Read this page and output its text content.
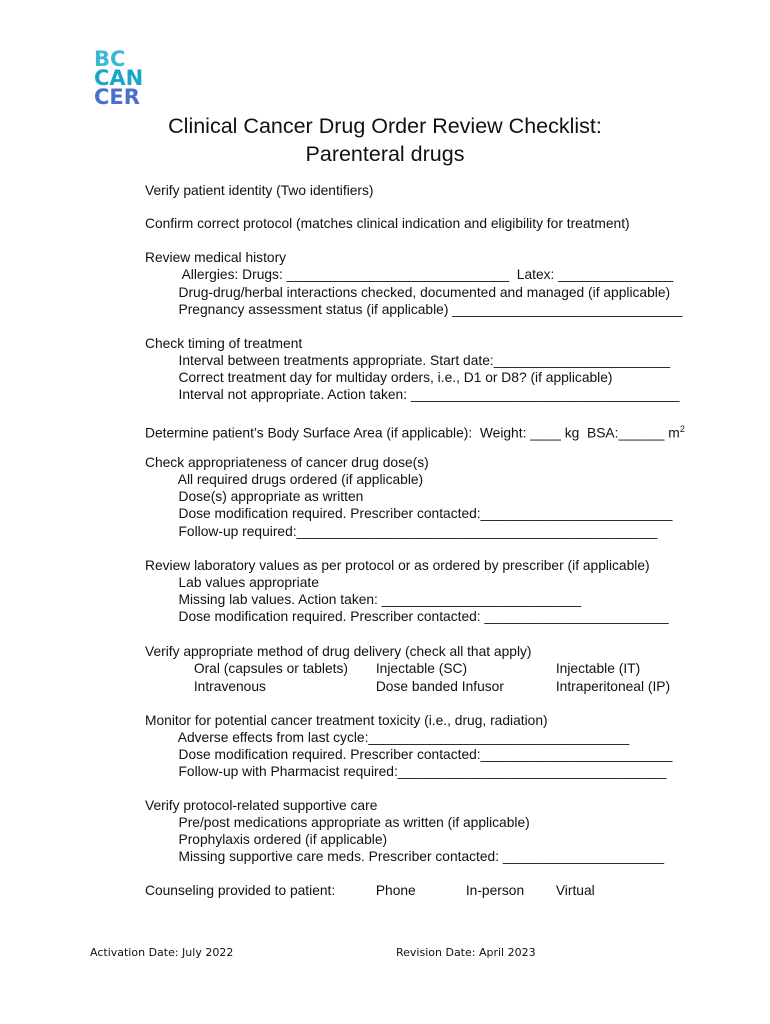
BC
CAN
CER
Clinical Cancer Drug Order Review Checklist:
Parenteral drugs
Verify patient identity (Two identifiers)
Confirm correct protocol (matches clinical indication and eligibility for treatment)
Review medical history
Allergies: Drugs: _____________________________  Latex: _______________
Drug-drug/herbal interactions checked, documented and managed (if applicable)
Pregnancy assessment status (if applicable) ______________________________
Check timing of treatment
Interval between treatments appropriate. Start date:_______________________
Correct treatment day for multiday orders, i.e., D1 or D8? (if applicable)
Interval not appropriate. Action taken: ___________________________________
Determine patient’s Body Surface Area (if applicable):  Weight: ____ kg  BSA:______ $m^2$
Check appropriateness of cancer drug dose(s)
All required drugs ordered (if applicable)
Dose(s) appropriate as written
Dose modification required. Prescriber contacted:_________________________
Follow-up required:_______________________________________________
Review laboratory values as per protocol or as ordered by prescriber (if applicable)
Lab values appropriate
Missing lab values. Action taken: __________________________
Dose modification required. Prescriber contacted: ________________________
Verify appropriate method of drug delivery (check all that apply)
Oral (capsules or tablets)	Injectable (SC)	Injectable (IT)
Intravenous	Dose banded Infusor	Intraperitoneal (IP)
Monitor for potential cancer treatment toxicity (i.e., drug, radiation)
Adverse effects from last cycle:__________________________________
Dose modification required. Prescriber contacted:_________________________
Follow-up with Pharmacist required:___________________________________
Verify protocol-related supportive care
Pre/post medications appropriate as written (if applicable)
Prophylaxis ordered (if applicable)
Missing supportive care meds. Prescriber contacted: _____________________
Counseling provided to patient:	Phone	In-person	Virtual
Activation Date: July 2022	Revision Date: April 2023
